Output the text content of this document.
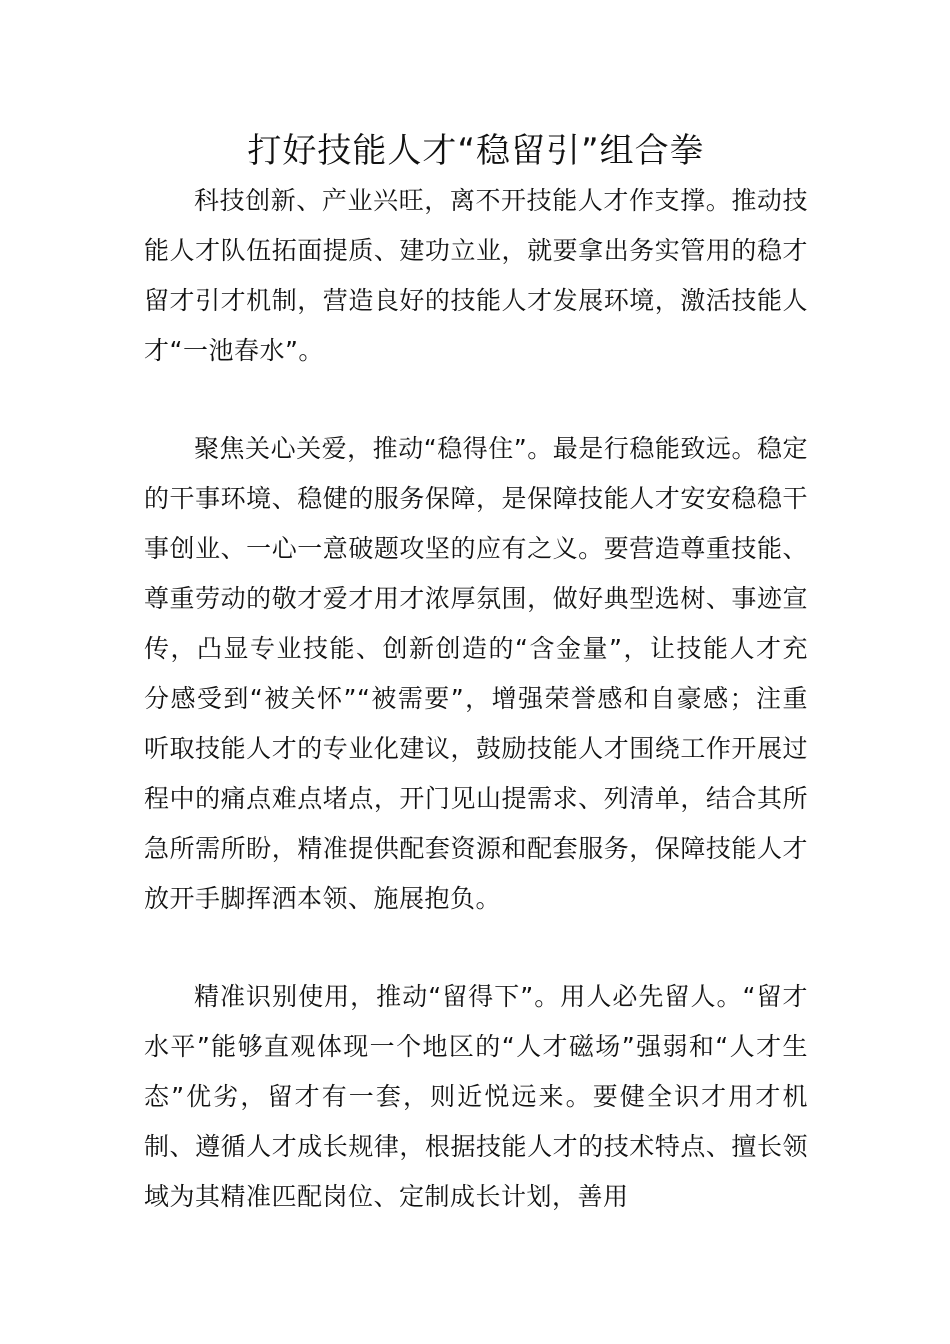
打好技能人才“稳留引”组合拳

科技创新、产业兴旺，离不开技能人才作支撑。推动技能人才队伍拓面提质、建功立业，就要拿出务实管用的稳才留才引才机制，营造良好的技能人才发展环境，激活技能人才“一池春水”。

聚焦关心关爱，推动“稳得住”。最是行稳能致远。稳定的干事环境、稳健的服务保障，是保障技能人才安安稳稳干事创业、一心一意破题攻坚的应有之义。要营造尊重技能、尊重劳动的敬才爱才用才浓厚氛围，做好典型选树、事迹宣传，凸显专业技能、创新创造的“含金量”，让技能人才充分感受到“被关怀”“被需要”，增强荣誉感和自豪感；注重听取技能人才的专业化建议，鼓励技能人才围绕工作开展过程中的痛点难点堵点，开门见山提需求、列清单，结合其所急所需所盼，精准提供配套资源和配套服务，保障技能人才放开手脚挥洒本领、施展抱负。

精准识别使用，推动“留得下”。用人必先留人。“留才水平”能够直观体现一个地区的“人才磁场”强弱和“人才生态”优劣，留才有一套，则近悦远来。要健全识才用才机制、遵循人才成长规律，根据技能人才的技术特点、擅长领域为其精准匹配岗位、定制成长计划，善用
